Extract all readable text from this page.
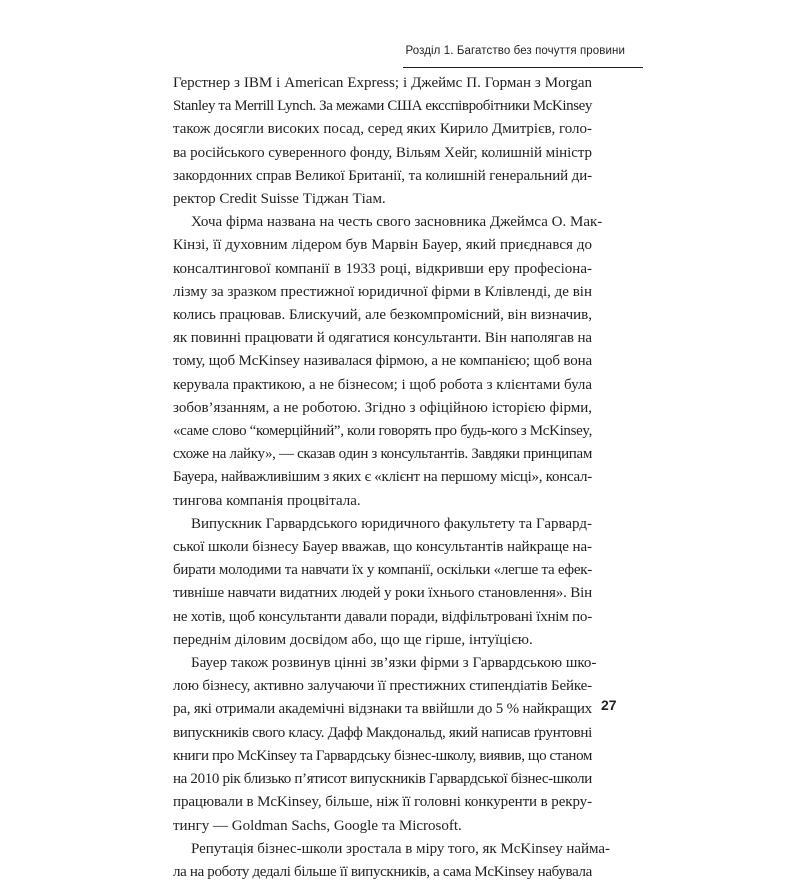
Розділ 1. Багатство без почуття провини

Герстнер з IBM і American Express; і Джеймс П. Горман з Morgan
Stanley та Merrill Lynch. За межами США ексспівробітники McKinsey
також досягли високих посад, серед яких Кирило Дмитрієв, голо-
ва російського суверенного фонду, Вільям Хейг, колишній міністр
закордонних справ Великої Британії, та колишній генеральний ди-
ректор Credit Suisse Тіджан Тіам.

Хоча фірма названа на честь свого засновника Джеймса О. Мак-
Кінзі, її духовним лідером був Марвін Бауер, який приєднався до
консалтингової компанії в 1933 році, відкривши еру професіона-
лізму за зразком престижної юридичної фірми в Клівленді, де він
колись працював. Блискучий, але безкомпромісний, він визначив,
як повинні працювати й одягатися консультанти. Він наполягав на
тому, щоб McKinsey називалася фірмою, а не компанією; щоб вона
керувала практикою, а не бізнесом; і щоб робота з клієнтами була
зобов’язанням, а не роботою. Згідно з офіційною історією фірми,
«саме слово “комерційний”, коли говорять про будь-кого з McKinsey,
схоже на лайку», — сказав один з консультантів. Завдяки принципам
Бауера, найважливішим з яких є «клієнт на першому місці», консал-
тингова компанія процвітала.

Випускник Гарвардського юридичного факультету та Гарвард-
ської школи бізнесу Бауер вважав, що консультантів найкраще на-
бирати молодими та навчати їх у компанії, оскільки «легше та ефек-
тивніше навчати видатних людей у роки їхнього становлення». Він
не хотів, щоб консультанти давали поради, відфільтровані їхнім по-
переднім діловим досвідом або, що ще гірше, інтуїцією.

Бауер також розвинув цінні зв’язки фірми з Гарвардською шко-
лою бізнесу, активно залучаючи її престижних стипендіатів Бейке-
ра, які отримали академічні відзнаки та ввійшли до 5 % найкращих
випускників свого класу. Дафф Макдональд, який написав ґрунтовні
книги про McKinsey та Гарвардську бізнес-школу, виявив, що станом
на 2010 рік близько п’ятисот випускників Гарвардської бізнес-школи
працювали в McKinsey, більше, ніж її головні конкуренти в рекру-
тингу — Goldman Sachs, Google та Microsoft.

Репутація бізнес-школи зростала в міру того, як McKinsey найма-
ла на роботу дедалі більше її випускників, а сама McKinsey набувала

27
